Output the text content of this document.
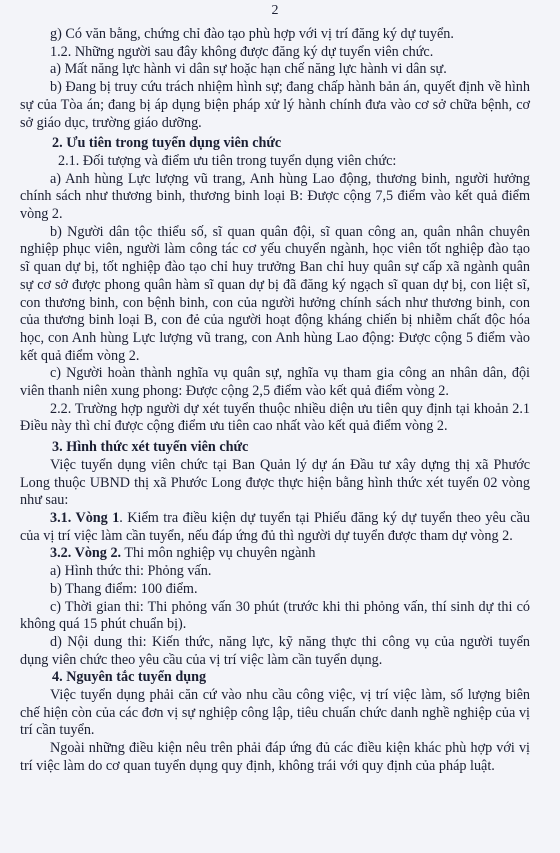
2

g) Có văn bằng, chứng chỉ đào tạo phù hợp với vị trí đăng ký dự tuyển.

1.2. Những người sau đây không được đăng ký dự tuyển viên chức.

a) Mất năng lực hành vi dân sự hoặc hạn chế năng lực hành vi dân sự.

b) Đang bị truy cứu trách nhiệm hình sự; đang chấp hành bản án, quyết định về hình sự của Tòa án; đang bị áp dụng biện pháp xử lý hành chính đưa vào cơ sở chữa bệnh, cơ sở giáo dục, trường giáo dưỡng.

2. Ưu tiên trong tuyển dụng viên chức

2.1. Đối tượng và điểm ưu tiên trong tuyển dụng viên chức:

a) Anh hùng Lực lượng vũ trang, Anh hùng Lao động, thương binh, người hưởng chính sách như thương binh, thương binh loại B: Được cộng 7,5 điểm vào kết quả điểm vòng 2.

b) Người dân tộc thiểu số, sĩ quan quân đội, sĩ quan công an, quân nhân chuyên nghiệp phục viên, người làm công tác cơ yếu chuyển ngành, học viên tốt nghiệp đào tạo sĩ quan dự bị, tốt nghiệp đào tạo chỉ huy trưởng Ban chỉ huy quân sự cấp xã ngành quân sự cơ sở được phong quân hàm sĩ quan dự bị đã đăng ký ngạch sĩ quan dự bị, con liệt sĩ, con thương binh, con bệnh binh, con của người hưởng chính sách như thương binh, con của thương binh loại B, con đẻ của người hoạt động kháng chiến bị nhiễm chất độc hóa học, con Anh hùng Lực lượng vũ trang, con Anh hùng Lao động: Được cộng 5 điểm vào kết quả điểm vòng 2.

c) Người hoàn thành nghĩa vụ quân sự, nghĩa vụ tham gia công an nhân dân, đội viên thanh niên xung phong: Được cộng 2,5 điểm vào kết quả điểm vòng 2.

2.2. Trường hợp người dự xét tuyển thuộc nhiều diện ưu tiên quy định tại khoản 2.1 Điều này thì chỉ được cộng điểm ưu tiên cao nhất vào kết quả điểm vòng 2.

3. Hình thức xét tuyển viên chức

Việc tuyển dụng viên chức tại Ban Quản lý dự án Đầu tư xây dựng thị xã Phước Long thuộc UBND thị xã Phước Long được thực hiện bằng hình thức xét tuyển 02 vòng như sau:

3.1. Vòng 1. Kiểm tra điều kiện dự tuyển tại Phiếu đăng ký dự tuyển theo yêu cầu của vị trí việc làm cần tuyển, nếu đáp ứng đủ thì người dự tuyển được tham dự vòng 2.

3.2. Vòng 2. Thi môn nghiệp vụ chuyên ngành

a) Hình thức thi: Phỏng vấn.

b) Thang điểm: 100 điểm.

c) Thời gian thi: Thi phỏng vấn 30 phút (trước khi thi phỏng vấn, thí sinh dự thi có không quá 15 phút chuẩn bị).

d) Nội dung thi: Kiến thức, năng lực, kỹ năng thực thi công vụ của người tuyển dụng viên chức theo yêu cầu của vị trí việc làm cần tuyển dụng.

4. Nguyên tắc tuyển dụng

Việc tuyển dụng phải căn cứ vào nhu cầu công việc, vị trí việc làm, số lượng biên chế hiện còn của các đơn vị sự nghiệp công lập, tiêu chuẩn chức danh nghề nghiệp của vị trí cần tuyển.

Ngoài những điều kiện nêu trên phải đáp ứng đủ các điều kiện khác phù hợp với vị trí việc làm do cơ quan tuyển dụng quy định, không trái với quy định của pháp luật.
